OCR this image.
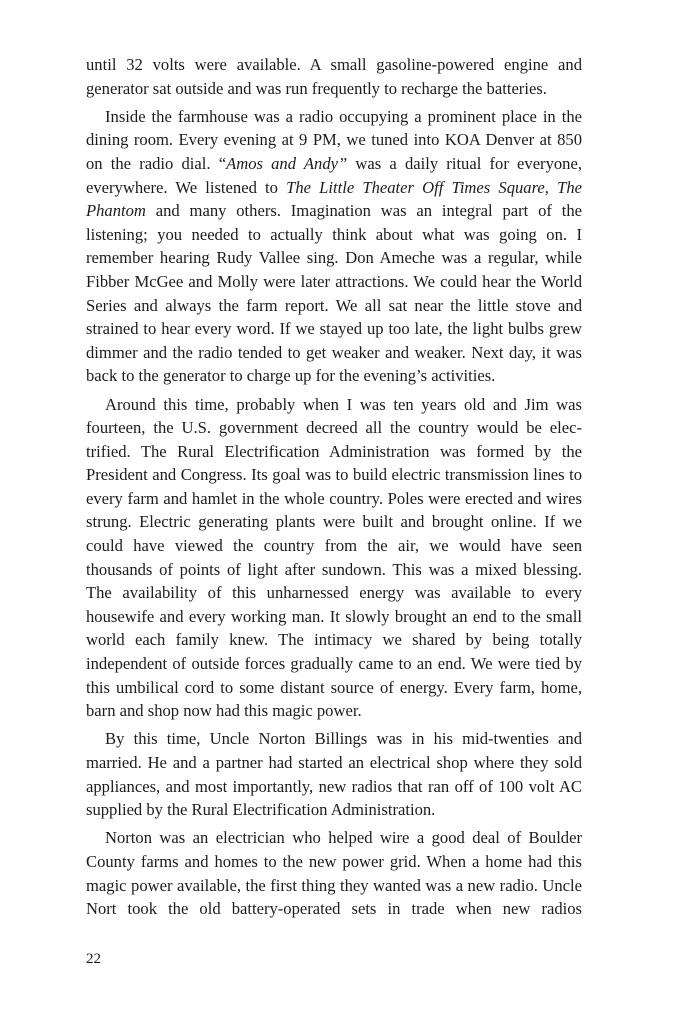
until 32 volts were available. A small gasoline-powered engine and generator sat outside and was run frequently to recharge the batteries.

Inside the farmhouse was a radio occupying a prominent place in the dining room. Every evening at 9 PM, we tuned into KOA Denver at 850 on the radio dial. “Amos and Andy” was a daily ritual for everyone, everywhere. We listened to The Little Theater Off Times Square, The Phantom and many others. Imagination was an integral part of the listening; you needed to actually think about what was going on. I remember hearing Rudy Vallee sing. Don Ameche was a regular, while Fibber McGee and Molly were later attractions. We could hear the World Series and always the farm report. We all sat near the little stove and strained to hear every word. If we stayed up too late, the light bulbs grew dimmer and the radio tended to get weaker and weaker. Next day, it was back to the generator to charge up for the evening’s activities.

Around this time, probably when I was ten years old and Jim was fourteen, the U.S. government decreed all the country would be electrified. The Rural Electrification Administration was formed by the President and Congress. Its goal was to build electric transmission lines to every farm and hamlet in the whole country. Poles were erected and wires strung. Electric generating plants were built and brought online. If we could have viewed the country from the air, we would have seen thousands of points of light after sundown. This was a mixed blessing. The availability of this unharnessed energy was available to every housewife and every working man. It slowly brought an end to the small world each family knew. The intimacy we shared by being totally independent of outside forces gradually came to an end. We were tied by this umbilical cord to some distant source of energy. Every farm, home, barn and shop now had this magic power.

By this time, Uncle Norton Billings was in his mid-twenties and married. He and a partner had started an electrical shop where they sold appliances, and most importantly, new radios that ran off of 100 volt AC supplied by the Rural Electrification Administration.

Norton was an electrician who helped wire a good deal of Boulder County farms and homes to the new power grid. When a home had this magic power available, the first thing they wanted was a new radio. Uncle Nort took the old battery-operated sets in trade when new radios

22
